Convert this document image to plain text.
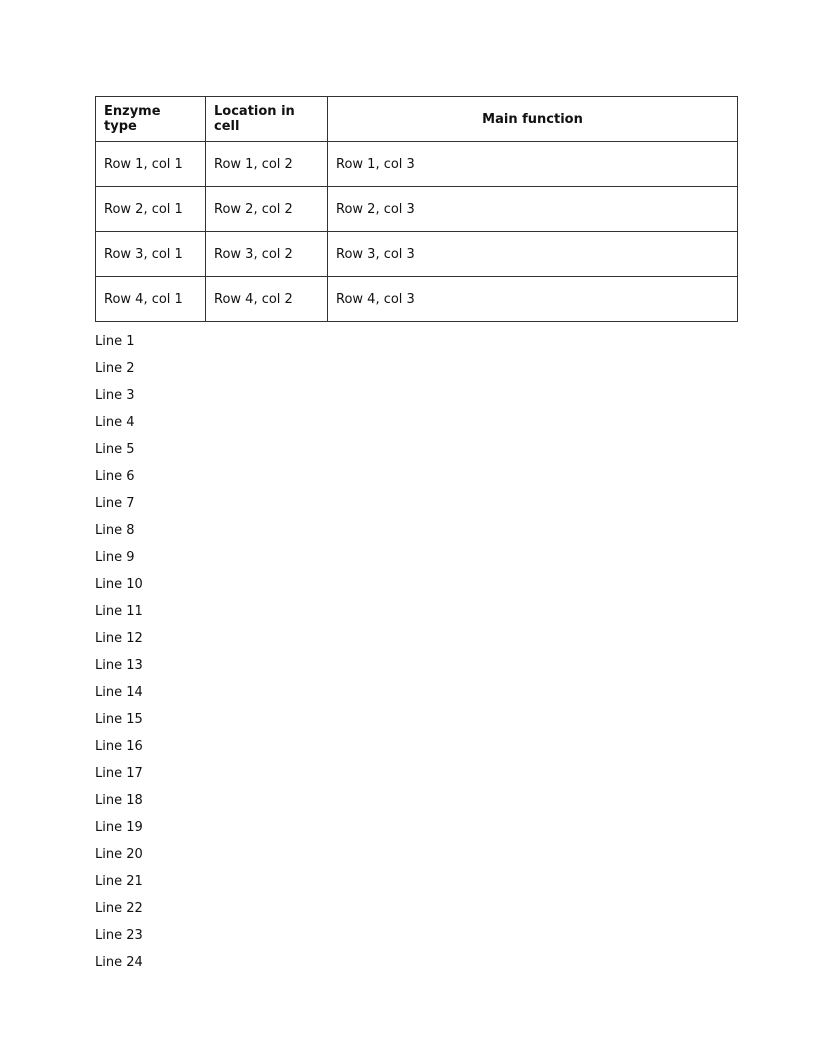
Enzyme type	Location in cell	Main function
Row 1, col 1	Row 1, col 2	Row 1, col 3
Row 2, col 1	Row 2, col 2	Row 2, col 3
Row 3, col 1	Row 3, col 2	Row 3, col 3
Row 4, col 1	Row 4, col 2	Row 4, col 3
Line 1
Line 2
Line 3
Line 4
Line 5
Line 6
Line 7
Line 8
Line 9
Line 10
Line 11
Line 12
Line 13
Line 14
Line 15
Line 16
Line 17
Line 18
Line 19
Line 20
Line 21
Line 22
Line 23
Line 24
